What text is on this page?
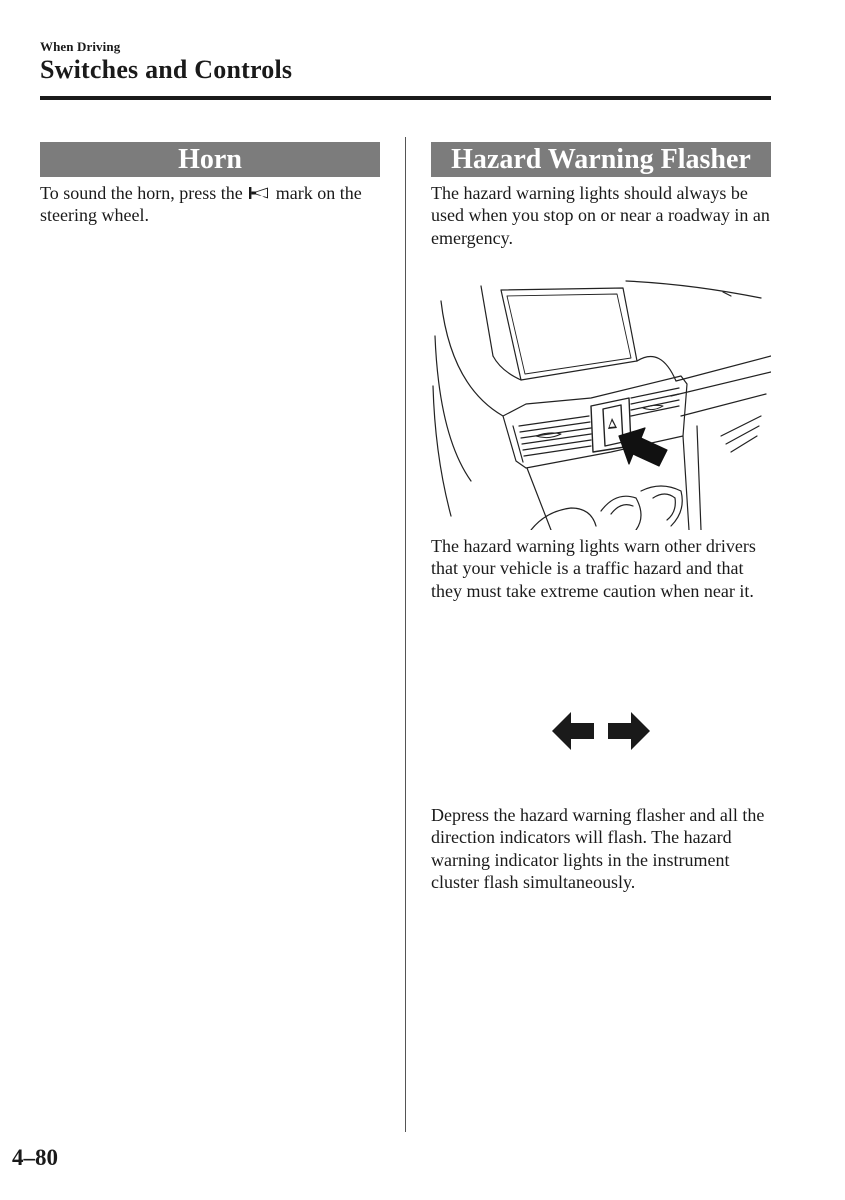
When Driving
Switches and Controls
Horn
To sound the horn, press the  mark on the steering wheel.
Hazard Warning Flasher
The hazard warning lights should always be used when you stop on or near a roadway in an emergency.
The hazard warning lights warn other drivers that your vehicle is a traffic hazard and that they must take extreme caution when near it.
Depress the hazard warning flasher and all the direction indicators will flash. The hazard warning indicator lights in the instrument cluster flash simultaneously.
4–80
